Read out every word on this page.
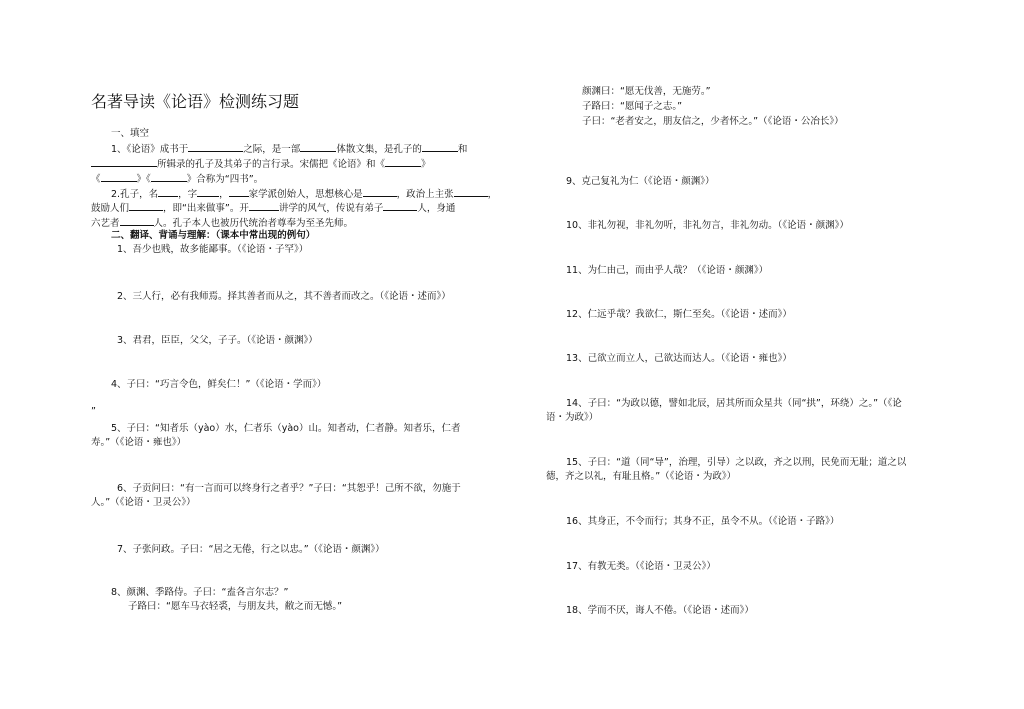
名著导读《论语》检测练习题
一、填空
1、《论语》成书于	之际，是一部	体散文集，是孔子的	和
所辑录的孔子及其弟子的言行录。宋儒把《论语》和《	》
《	》《	》合称为“四书”。
2.孔子，名 ，字 ， 家学派创始人，思想核心是	，政治上主张	，
鼓励人们	，即“出来做事”。开	讲学的风气，传说有弟子	人，身通
六艺者	人。孔子本人也被历代统治者尊奉为至圣先师。
二、翻译、背诵与理解：（课本中常出现的例句）
1、吾少也贱，故多能鄙事。（《论语・子罕》）
2、三人行，必有我师焉。择其善者而从之，其不善者而改之。（《论语・述而》）
3、君君，臣臣，父父，子子。（《论语・颜渊》）
4、子曰：“巧言令色，鲜矣仁！”（《论语・学而》）
”
5、子曰：“知者乐（yào）水，仁者乐（yào）山。知者动，仁者静。知者乐，仁者
寿。”（《论语・雍也》）
6、子贡问曰：“有一言而可以终身行之者乎？”子曰：“其恕乎！己所不欲，勿施于
人。”（《论语・卫灵公》）
7、子张问政。子曰：“居之无倦，行之以忠。”（《论语・颜渊》）
8、颜渊、季路侍。子曰：“盍各言尔志？”
子路曰：“愿车马衣轻裘，与朋友共，敝之而无憾。”
颜渊曰：“愿无伐善，无施劳。”
子路曰：“愿闻子之志。”
子曰：“老者安之，朋友信之，少者怀之。”（《论语・公冶长》）
9、克己复礼为仁（《论语・颜渊》）
10、非礼勿视，非礼勿听，非礼勿言，非礼勿动。（《论语・颜渊》）
11、为仁由己，而由乎人哉？（《论语・颜渊》）
12、仁远乎哉？我欲仁，斯仁至矣。（《论语・述而》）
13、己欲立而立人，己欲达而达人。（《论语・雍也》）
14、子曰：“为政以德，譬如北辰，居其所而众星共（同“拱”，环绕）之。”（《论
语・为政》）
15、子曰：“道（同“导”，治理，引导）之以政，齐之以刑，民免而无耻；道之以
德，齐之以礼，有耻且格。”（《论语・为政》）
16、其身正，不令而行；其身不正，虽令不从。（《论语・子路》）
17、有教无类。（《论语・卫灵公》）
18、学而不厌，诲人不倦。（《论语・述而》）
